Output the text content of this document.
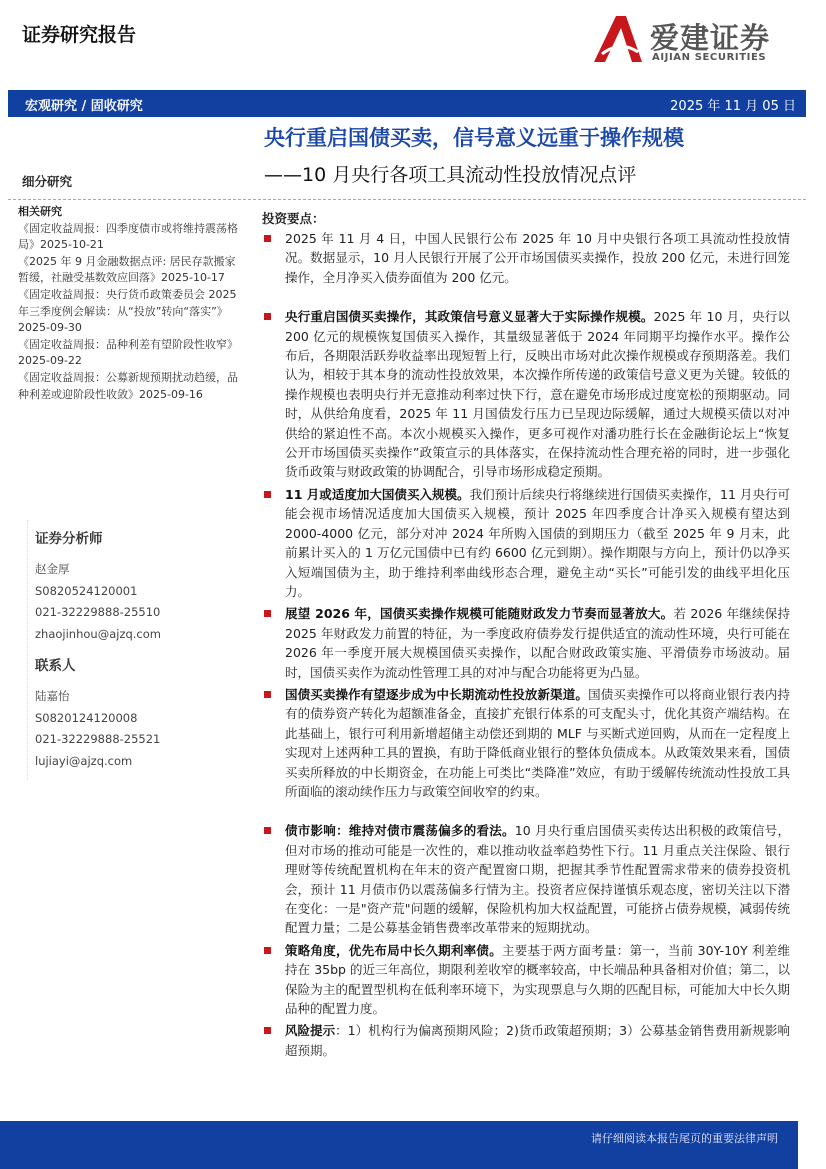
证券研究报告	爱建证券
AIJIAN SECURITIES
宏观研究 / 固收研究	2025 年 11 月 05 日
央行重启国债买卖，信号意义远重于操作规模
——10 月央行各项工具流动性投放情况点评
细分研究
相关研究
《固定收益周报：四季度债市或将维持震荡格局》2025-10-21
《2025 年 9 月金融数据点评: 居民存款搬家暂缓，社融受基数效应回落》2025-10-17
《固定收益周报：央行货币政策委员会 2025 年三季度例会解读：从“投放”转向“落实”》2025-09-30
《固定收益周报：品种利差有望阶段性收窄》2025-09-22
《固定收益周报：公募新规预期扰动趋缓，品种利差或迎阶段性收敛》2025-09-16
证券分析师
赵金厚
S0820524120001
021-32229888-25510
zhaojinhou@ajzq.com
联系人
陆嘉怡
S0820124120008
021-32229888-25521
lujiayi@ajzq.com
投资要点：
2025 年 11 月 4 日，中国人民银行公布 2025 年 10 月中央银行各项工具流动性投放情况。数据显示，10 月人民银行开展了公开市场国债买卖操作，投放 200 亿元，未进行回笼操作，全月净买入债券面值为 200 亿元。
央行重启国债买卖操作，其政策信号意义显著大于实际操作规模。2025 年 10 月，央行以 200 亿元的规模恢复国债买入操作，其量级显著低于 2024 年同期平均操作水平。操作公布后，各期限活跃券收益率出现短暂上行，反映出市场对此次操作规模或存预期落差。我们认为，相较于其本身的流动性投放效果，本次操作所传递的政策信号意义更为关键。较低的操作规模也表明央行并无意推动利率过快下行，意在避免市场形成过度宽松的预期驱动。同时，从供给角度看，2025 年 11 月国债发行压力已呈现边际缓解，通过大规模买债以对冲供给的紧迫性不高。本次小规模买入操作，更多可视作对潘功胜行长在金融街论坛上“恢复公开市场国债买卖操作”政策宣示的具体落实，在保持流动性合理充裕的同时，进一步强化货币政策与财政政策的协调配合，引导市场形成稳定预期。
11 月或适度加大国债买入规模。我们预计后续央行将继续进行国债买卖操作，11 月央行可能会视市场情况适度加大国债买入规模，预计 2025 年四季度合计净买入规模有望达到 2000-4000 亿元，部分对冲 2024 年所购入国债的到期压力（截至 2025 年 9 月末，此前累计买入的 1 万亿元国债中已有约 6600 亿元到期）。操作期限与方向上，预计仍以净买入短端国债为主，助于维持利率曲线形态合理，避免主动“买长”可能引发的曲线平坦化压力。
展望 2026 年，国债买卖操作规模可能随财政发力节奏而显著放大。若 2026 年继续保持 2025 年财政发力前置的特征，为一季度政府债券发行提供适宜的流动性环境，央行可能在 2026 年一季度开展大规模国债买卖操作，以配合财政政策实施、平滑债券市场波动。届时，国债买卖作为流动性管理工具的对冲与配合功能将更为凸显。
国债买卖操作有望逐步成为中长期流动性投放新渠道。国债买卖操作可以将商业银行表内持有的债券资产转化为超额准备金，直接扩充银行体系的可支配头寸，优化其资产端结构。在此基础上，银行可利用新增超储主动偿还到期的 MLF 与买断式逆回购，从而在一定程度上实现对上述两种工具的置换，有助于降低商业银行的整体负债成本。从政策效果来看，国债买卖所释放的中长期资金，在功能上可类比“类降准”效应，有助于缓解传统流动性投放工具所面临的滚动续作压力与政策空间收窄的约束。
债市影响：维持对债市震荡偏多的看法。10 月央行重启国债买卖传达出积极的政策信号，但对市场的推动可能是一次性的，难以推动收益率趋势性下行。11 月重点关注保险、银行理财等传统配置机构在年末的资产配置窗口期，把握其季节性配置需求带来的债券投资机会，预计 11 月债市仍以震荡偏多行情为主。投资者应保持谨慎乐观态度，密切关注以下潜在变化：一是"资产荒"问题的缓解，保险机构加大权益配置，可能挤占债券规模，减弱传统配置力量；二是公募基金销售费率改革带来的短期扰动。
策略角度，优先布局中长久期利率债。主要基于两方面考量：第一，当前 30Y-10Y 利差维持在 35bp 的近三年高位，期限利差收窄的概率较高，中长端品种具备相对价值；第二，以保险为主的配置型机构在低利率环境下，为实现票息与久期的匹配目标，可能加大中长久期品种的配置力度。
风险提示：1）机构行为偏离预期风险；2)货币政策超预期；3）公募基金销售费用新规影响超预期。
请仔细阅读本报告尾页的重要法律声明
